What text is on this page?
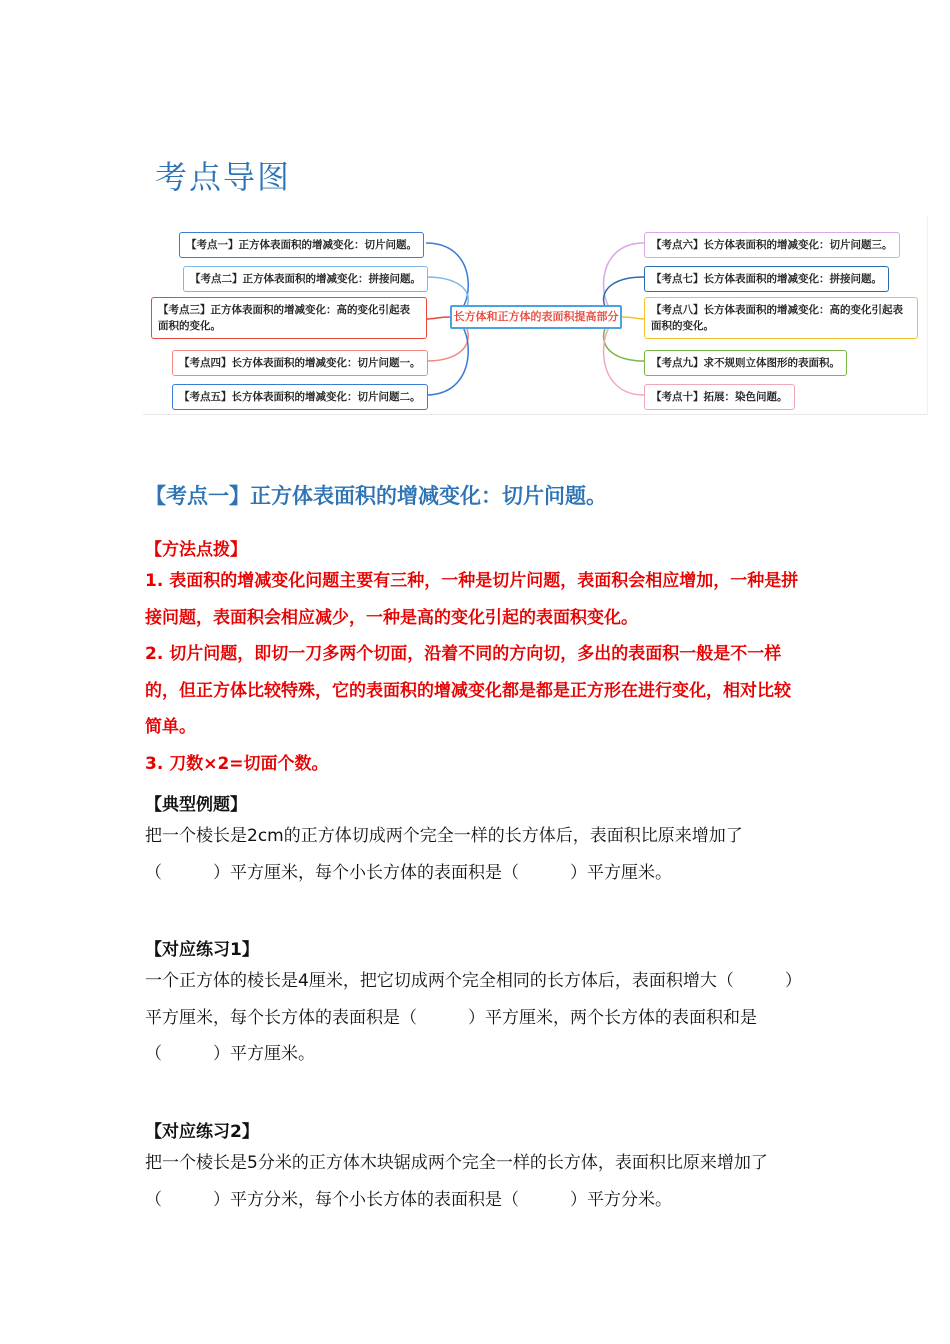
考点导图
【考点一】正方体表面积的增减变化：切片问题。
【考点二】正方体表面积的增减变化：拼接问题。
【考点三】正方体表面积的增减变化：高的变化引起表面积的变化。
【考点四】长方体表面积的增减变化：切片问题一。
【考点五】长方体表面积的增减变化：切片问题二。
长方体和正方体的表面积提高部分
【考点六】长方体表面积的增减变化：切片问题三。
【考点七】长方体表面积的增减变化：拼接问题。
【考点八】长方体表面积的增减变化：高的变化引起表面积的变化。
【考点九】求不规则立体图形的表面积。
【考点十】拓展：染色问题。
【考点一】正方体表面积的增减变化：切片问题。
【方法点拨】

1. 表面积的增减变化问题主要有三种，一种是切片问题，表面积会相应增加，一种是拼接问题，表面积会相应减少，一种是高的变化引起的表面积变化。

2. 切片问题，即切一刀多两个切面，沿着不同的方向切，多出的表面积一般是不一样的，但正方体比较特殊，它的表面积的增减变化都是都是正方形在进行变化，相对比较简单。

3. 刀数×2=切面个数。

【典型例题】

把一个棱长是2cm的正方体切成两个完全一样的长方体后，表面积比原来增加了（　　　）平方厘米，每个小长方体的表面积是（　　　）平方厘米。

【对应练习1】

一个正方体的棱长是4厘米，把它切成两个完全相同的长方体后，表面积增大（　　　）平方厘米，每个长方体的表面积是（　　　）平方厘米，两个长方体的表面积和是（　　　）平方厘米。

【对应练习2】

把一个棱长是5分米的正方体木块锯成两个完全一样的长方体，表面积比原来增加了（　　　）平方分米，每个小长方体的表面积是（　　　）平方分米。
